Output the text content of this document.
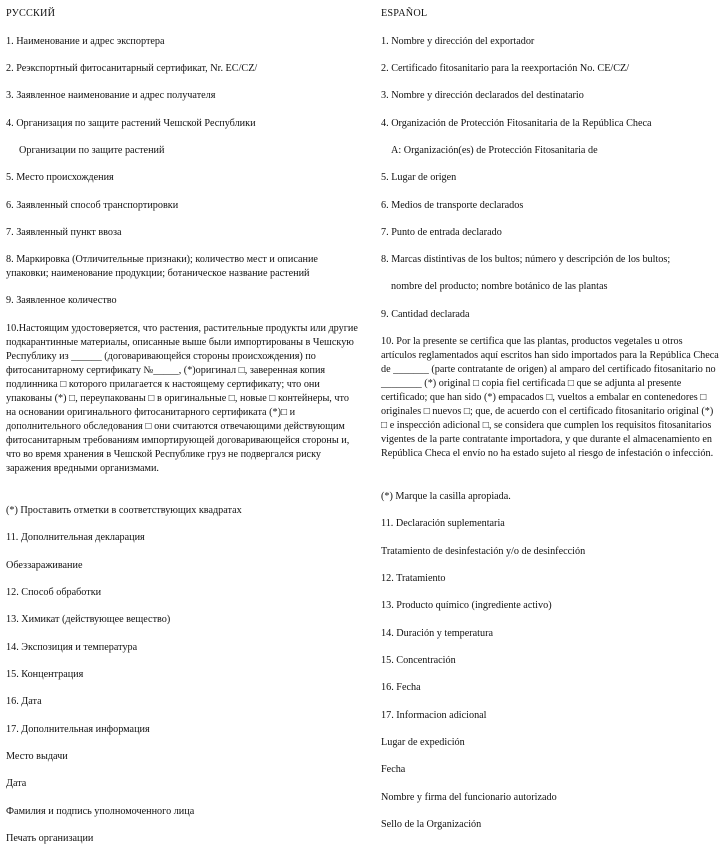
РУССКИЙ
1. Наименование и адрес экспортера
2. Реэкспортный фитосанитарный сертификат, Nr. EC/CZ/
3. Заявленное наименование и адрес получателя
4. Организация по защите растений Чешской Республики
Организации по защите растений
5. Место происхождения
6. Заявленный способ транспортировки
7. Заявленный пункт ввоза
8. Маркировка (Отличительные признаки); количество мест и описание упаковки; наименование продукции; ботаническое название растений
9. Заявленное количество
10.Настоящим удостоверяется, что растения, растительные продукты или другие подкарантинные материалы, описанные выше были импортированы в Чешскую Республику из ______ (договаривающейся стороны происхождения) по фитосанитарному сертификату №_____, (*)оригинал □, заверенная копия подлинника □ которого прилагается к настоящему сертификату; что они упакованы (*) □, переупакованы □ в оригинальные □, новые □ контейнеры, что на основании оригинального фитосанитарного сертификата (*)□ и дополнительного обследования □ они считаются отвечающими действующим фитосанитарным требованиям импортирующей договаривающейся стороны и, что во время хранения в Чешской Республике груз не подвергался риску заражения вредными организмами.
(*) Проставить отметки в соответствующих квадратах
11. Дополнительная декларация
Обеззараживание
12. Способ обработки
13. Химикат (действующее вещество)
14. Экспозиция и температура
15. Концентрация
16. Дата
17. Дополнительная информация
Место выдачи
Дата
Фамилия и подпись уполномоченного лица
Печать организации
ESPAÑOL
1. Nombre y dirección del exportador
2. Certificado fitosanitario para la reexportación No. CE/CZ/
3. Nombre y dirección declarados del destinatario
4. Organización de Protección Fitosanitaria de la República Checa
A: Organización(es) de Protección Fitosanitaria de
5. Lugar de origen
6. Medios de transporte declarados
7. Punto de entrada declarado
8. Marcas distintivas de los bultos; número y descripción de los bultos;
nombre del producto; nombre botánico de las plantas
9. Cantidad declarada
10. Por la presente se certifica que las plantas, productos vegetales u otros artículos reglamentados aquí escritos han sido importados para la República Checa de _______ (parte contratante de origen) al amparo del certificado fitosanitario no ________ (*) original □ copia fiel certificada □ que se adjunta al presente certificado; que han sido (*) empacados □, vueltos a embalar en contenedores □ originales □ nuevos □; que, de acuerdo con el certificado fitosanitario original (*) □ e inspección adicional □, se considera que cumplen los requisitos fitosanitarios vigentes de la parte contratante importadora, y que durante el almacenamiento en República Checa el envío no ha estado sujeto al riesgo de infestación o infección.
(*) Marque la casilla apropiada.
11. Declaración suplementaria
Tratamiento de desinfestación y/o de desinfección
12. Tratamiento
13. Producto químico (ingrediente activo)
14. Duración y temperatura
15. Concentración
16. Fecha
17. Informacion adicional
Lugar de expedición
Fecha
Nombre y firma del funcionario autorizado
Sello de la Organización
